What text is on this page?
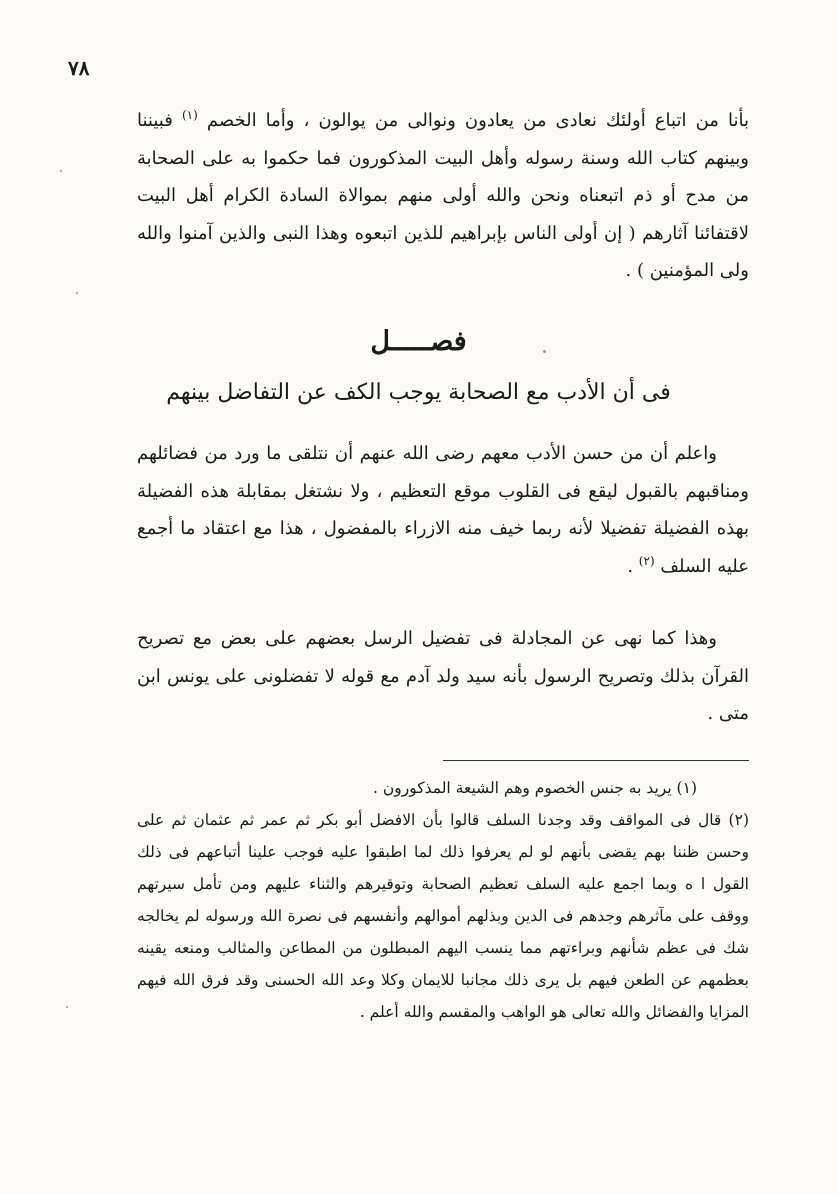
٧٨

بأنا من اتباع أولئك نعادى من يعادون ونوالى من يوالون ، وأما الخصم $^{(١)}$ فبيننا وبينهم كتاب الله وسنة رسوله وأهل البيت المذكورون فما حكموا به على الصحابة من مدح أو ذم اتبعناه ونحن والله أولى منهم بموالاة السادة الكرام أهل البيت لاقتفائنا آثارهم ( إن أولى الناس بإبراهيم للذين اتبعوه وهذا النبى والذين آمنوا والله ولى المؤمنين ) .

فصـــــل
فى أن الأدب مع الصحابة يوجب الكف عن التفاضل بينهم

واعلم أن من حسن الأدب معهم رضى الله عنهم أن نتلقى ما ورد من فضائلهم ومناقبهم بالقبول ليقع فى القلوب موقع التعظيم ، ولا نشتغل بمقابلة هذه الفضيلة بهذه الفضيلة تفضيلا لأنه ربما خيف منه الازراء بالمفضول ، هذا مع اعتقاد ما أجمع عليه السلف $^{(٢)}$ .

وهذا كما نهى عن المجادلة فى تفضيل الرسل بعضهم على بعض مع تصريح القرآن بذلك وتصريح الرسول بأنه سيد ولد آدم مع قوله لا تفضلونى على يونس ابن متى .

(١) يريد به جنس الخصوم وهم الشيعة المذكورون .

(٢) قال فى المواقف وقد وجدنا السلف قالوا بأن الافضل أبو بكر ثم عمر ثم عثمان ثم على وحسن ظننا بهم يقضى بأنهم لو لم يعرفوا ذلك لما اطبقوا عليه فوجب علينا أتباعهم فى ذلك القول ا ه وبما اجمع عليه السلف تعظيم الصحابة وتوقيرهم والثناء عليهم ومن تأمل سيرتهم ووقف على مآثرهم وجدهم فى الدين وبذلهم أموالهم وأنفسهم فى نصرة الله ورسوله لم يخالجه شك فى عظم شأنهم وبراءتهم مما ينسب اليهم المبطلون من المطاعن والمثالب ومنعه يقينه بعظمهم عن الطعن فيهم بل يرى ذلك مجانبا للايمان وكلا وعد الله الحسنى وقد فرق الله فيهم المزايا والفضائل والله تعالى هو الواهب والمقسم والله أعلم .
